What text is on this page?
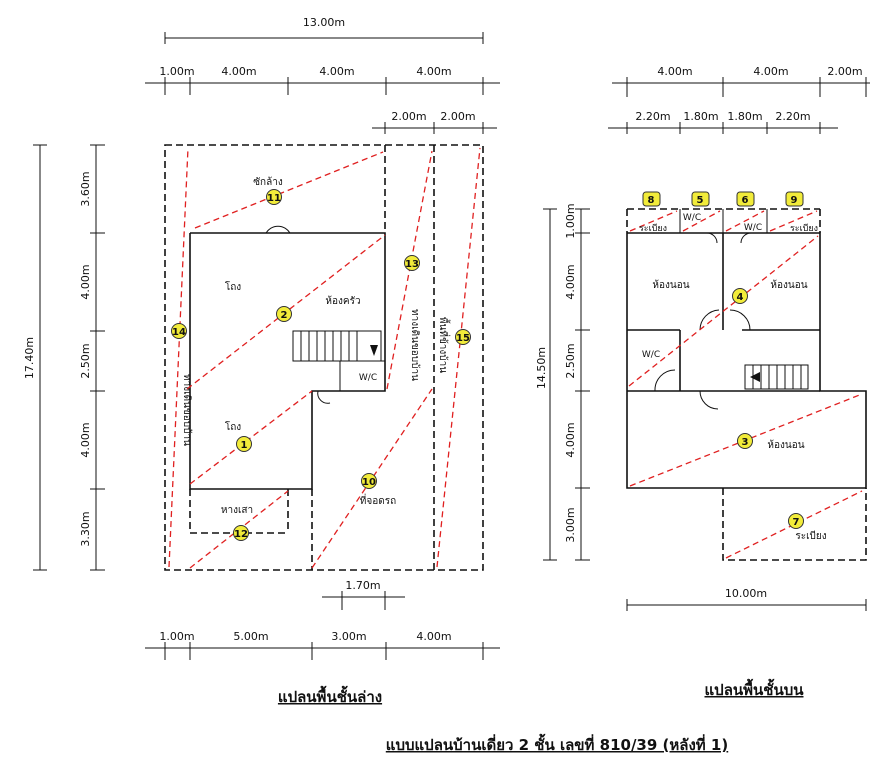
13.00m
1.00m 4.00m	4.00m	4.00m
2.00m 2.00m
17.40m
3.60m
4.00m
2.50m
4.00m
3.30m
1.70m
1.00m	5.00m	3.00m	4.00m
ซักล้าง
โถง
ห้องครัว
W/C
โถง
หางเสา
ที่จอดรถ
ทางเดินขอบบ้าน
ทางเดินขอบบ้าน พื้นที่ข้างบ้าน
1
2
10
11
12
13
14
15
แปลนพื้นชั้นล่าง
4.00m	4.00m	2.00m
2.20m 1.80m 1.80m 2.20m
14.50m
1.00m
4.00m
2.50m
4.00m
3.00m
10.00m
ระเบียง
W/C
W/C	ระเบียง
ห้องนอน	ห้องนอน
W/C
ห้องนอน
ระเบียง
3
4
5	6
7
8	9
แปลนพื้นชั้นบน
แบบแปลนบ้านเดี่ยว 2 ชั้น เลขที่ 810/39 (หลังที่ 1)
